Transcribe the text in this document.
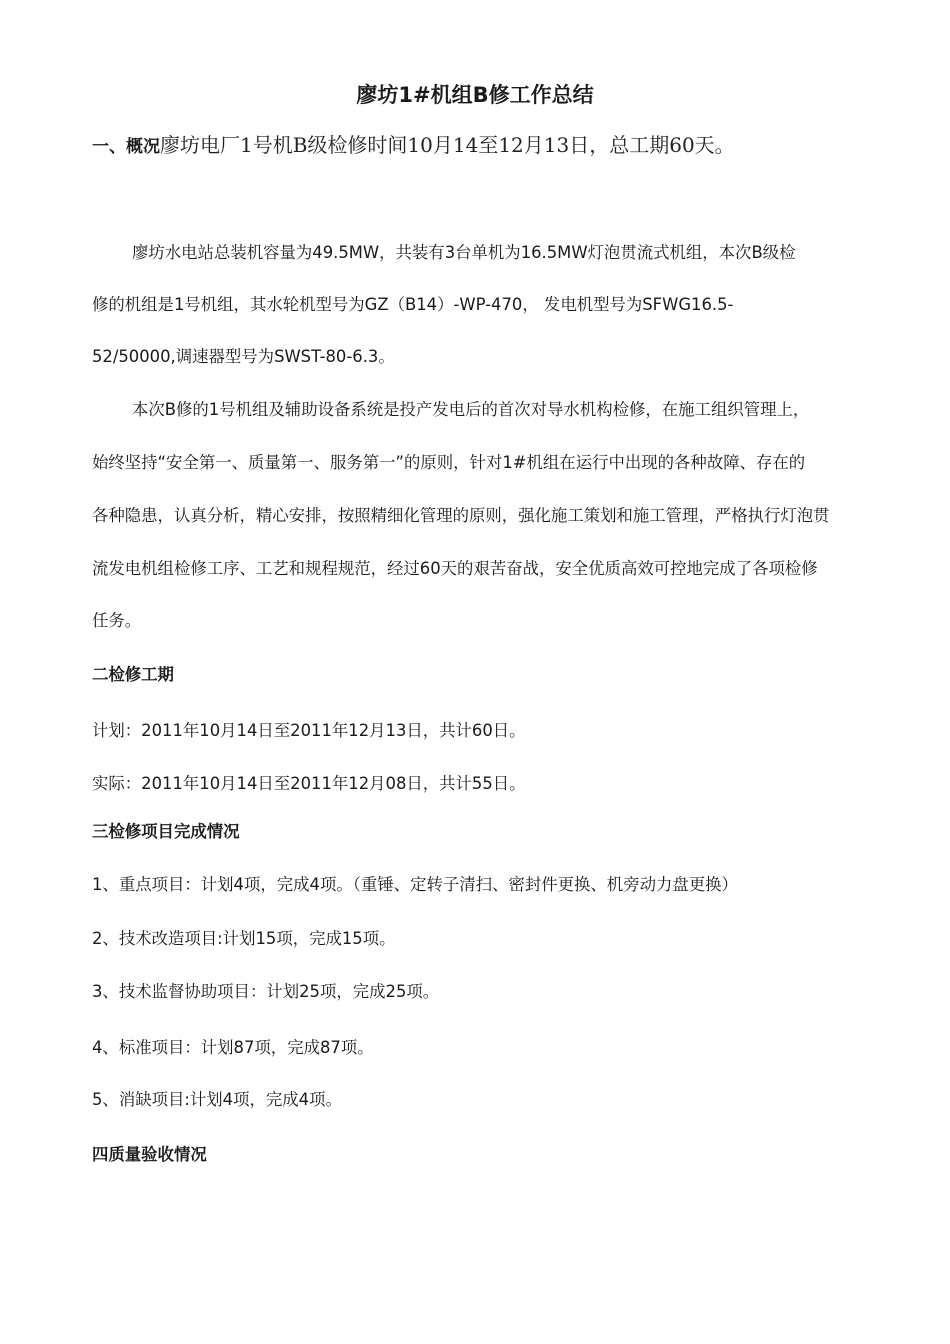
廖坊1#机组B修工作总结
一、概况廖坊电厂1号机B级检修时间10月14至12月13日，总工期60天。

廖坊水电站总装机容量为49.5MW，共装有3台单机为16.5MW灯泡贯流式机组，本次B级检

修的机组是1号机组，其水轮机型号为GZ（B14）-WP-470， 发电机型号为SFWG16.5-

52/50000,调速器型号为SWST-80-6.3。

本次B修的1号机组及辅助设备系统是投产发电后的首次对导水机构检修，在施工组织管理上，

始终坚持“安全第一、质量第一、服务第一”的原则，针对1#机组在运行中出现的各种故障、存在的

各种隐患，认真分析，精心安排，按照精细化管理的原则，强化施工策划和施工管理，严格执行灯泡贯

流发电机组检修工序、工艺和规程规范，经过60天的艰苦奋战，安全优质高效可控地完成了各项检修

任务。

二检修工期

计划：2011年10月14日至2011年12月13日，共计60日。

实际：2011年10月14日至2011年12月08日，共计55日。

三检修项目完成情况

1、重点项目：计划4项，完成4项。（重锤、定转子清扫、密封件更换、机旁动力盘更换）

2、技术改造项目:计划15项，完成15项。

3、技术监督协助项目：计划25项，完成25项。

4、标准项目：计划87项，完成87项。

5、消缺项目:计划4项，完成4项。

四质量验收情况
